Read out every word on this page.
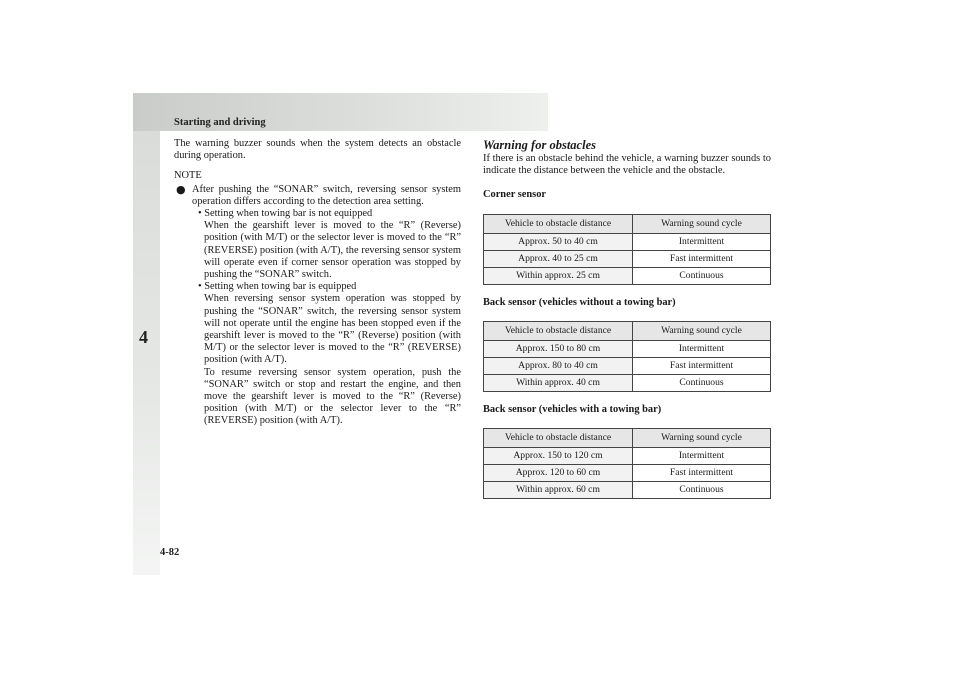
Starting and driving
4
4-82

The warning buzzer sounds when the system detects an obstacle during operation.

NOTE

● After pushing the “SONAR” switch, reversing sensor system operation differs according to the detection area setting.

• Setting when towing bar is not equipped

When the gearshift lever is moved to the “R” (Reverse) position (with M/T) or the selector lever is moved to the “R” (REVERSE) position (with A/T), the reversing sensor system will operate even if corner sensor operation was stopped by pushing the “SONAR” switch.

• Setting when towing bar is equipped

When reversing sensor system operation was stopped by pushing the “SONAR” switch, the reversing sensor system will not operate until the engine has been stopped even if the gearshift lever is moved to the “R” (Reverse) position (with M/T) or the selector lever is moved to the “R” (REVERSE) position (with A/T).

To resume reversing sensor system operation, push the “SONAR” switch or stop and restart the engine, and then move the gearshift lever is moved to the “R” (Reverse) position (with M/T) or the selector lever to the “R” (REVERSE) position (with A/T).

Warning for obstacles

If there is an obstacle behind the vehicle, a warning buzzer sounds to indicate the distance between the vehicle and the obstacle.

Corner sensor

Vehicle to obstacle distance	Warning sound cycle
Approx. 50 to 40 cm	Intermittent
Approx. 40 to 25 cm	Fast intermittent
Within approx. 25 cm	Continuous

Back sensor (vehicles without a towing bar)

Vehicle to obstacle distance	Warning sound cycle
Approx. 150 to 80 cm	Intermittent
Approx. 80 to 40 cm	Fast intermittent
Within approx. 40 cm	Continuous

Back sensor (vehicles with a towing bar)

Vehicle to obstacle distance	Warning sound cycle
Approx. 150 to 120 cm	Intermittent
Approx. 120 to 60 cm	Fast intermittent
Within approx. 60 cm	Continuous
